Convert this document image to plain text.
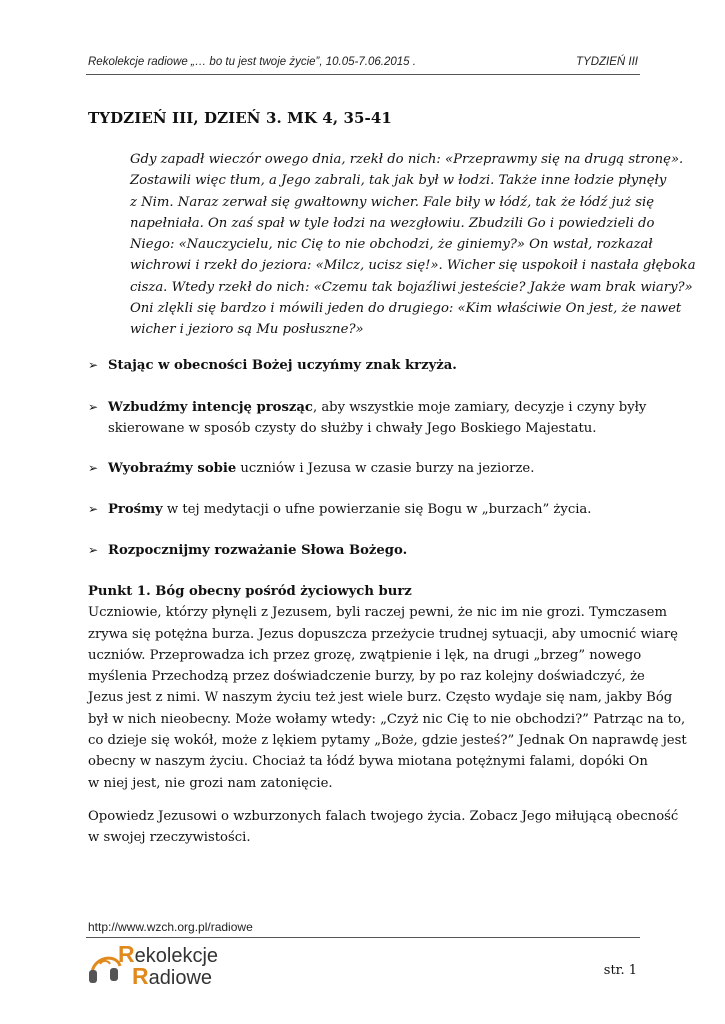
Rekolekcje radiowe „… bo tu jest twoje życie”, 10.05-7.06.2015 .	TYDZIEŃ III
TYDZIEŃ III, DZIEŃ 3. MK 4, 35-41
Gdy zapadł wieczór owego dnia, rzekł do nich: «Przeprawmy się na drugą stronę».
Zostawili więc tłum, a Jego zabrali, tak jak był w łodzi. Także inne łodzie płynęły
z Nim. Naraz zerwał się gwałtowny wicher. Fale biły w łódź, tak że łódź już się
napełniała. On zaś spał w tyle łodzi na wezgłowiu. Zbudzili Go i powiedzieli do
Niego: «Nauczycielu, nic Cię to nie obchodzi, że giniemy?» On wstał, rozkazał
wichrowi i rzekł do jeziora: «Milcz, ucisz się!». Wicher się uspokoił i nastała głęboka
cisza. Wtedy rzekł do nich: «Czemu tak bojaźliwi jesteście? Jakże wam brak wiary?»
Oni zlękli się bardzo i mówili jeden do drugiego: «Kim właściwie On jest, że nawet
wicher i jezioro są Mu posłuszne?»
➢ Stając w obecności Bożej uczyńmy znak krzyża.
➢ Wzbudźmy intencję prosząc, aby wszystkie moje zamiary, decyzje i czyny były
skierowane w sposób czysty do służby i chwały Jego Boskiego Majestatu.
➢ Wyobraźmy sobie uczniów i Jezusa w czasie burzy na jeziorze.
➢ Prośmy w tej medytacji o ufne powierzanie się Bogu w „burzach” życia.
➢ Rozpocznijmy rozważanie Słowa Bożego.
Punkt 1. Bóg obecny pośród życiowych burz
Uczniowie, którzy płynęli z Jezusem, byli raczej pewni, że nic im nie grozi. Tymczasem
zrywa się potężna burza. Jezus dopuszcza przeżycie trudnej sytuacji, aby umocnić wiarę
uczniów. Przeprowadza ich przez grozę, zwątpienie i lęk, na drugi „brzeg” nowego
myślenia Przechodzą przez doświadczenie burzy, by po raz kolejny doświadczyć, że
Jezus jest z nimi. W naszym życiu też jest wiele burz. Często wydaje się nam, jakby Bóg
był w nich nieobecny. Może wołamy wtedy: „Czyż nic Cię to nie obchodzi?” Patrząc na to,
co dzieje się wokół, może z lękiem pytamy „Boże, gdzie jesteś?” Jednak On naprawdę jest
obecny w naszym życiu. Chociaż ta łódź bywa miotana potężnymi falami, dopóki On
w niej jest, nie grozi nam zatonięcie.
Opowiedz Jezusowi o wzburzonych falach twojego życia. Zobacz Jego miłującą obecność
w swojej rzeczywistości.
http://www.wzch.org.pl/radiowe
Rekolekcje
Radiowe	str. 1
